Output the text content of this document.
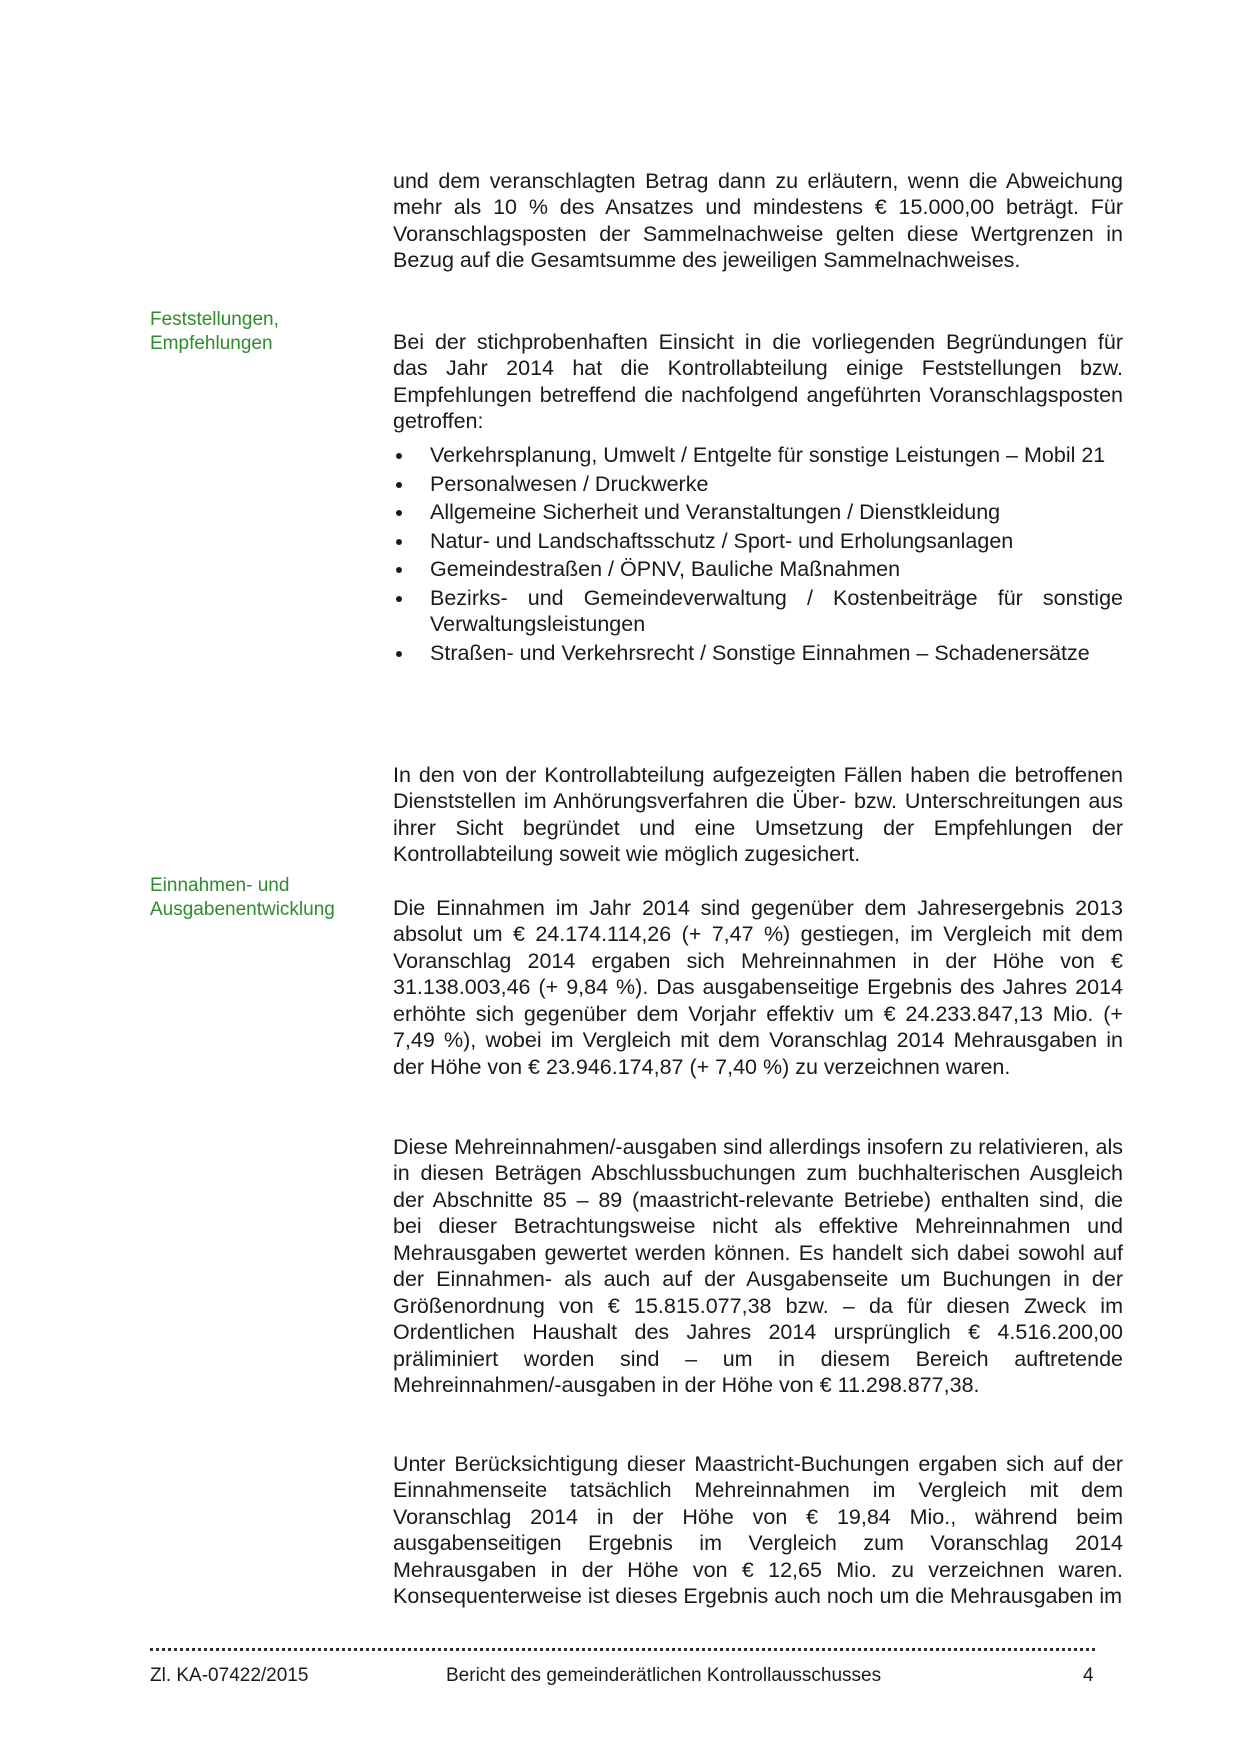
und dem veranschlagten Betrag dann zu erläutern, wenn die Abweichung mehr als 10 % des Ansatzes und mindestens € 15.000,00 beträgt. Für Voranschlagsposten der Sammelnachweise gelten diese Wertgrenzen in Bezug auf die Gesamtsumme des jeweiligen Sammelnachweises.

Feststellungen,
Empfehlungen	Bei der stichprobenhaften Einsicht in die vorliegenden Begründungen für das Jahr 2014 hat die Kontrollabteilung einige Feststellungen bzw. Empfehlungen betreffend die nachfolgend angeführten Voranschlagsposten getroffen:

Verkehrsplanung, Umwelt / Entgelte für sonstige Leistungen – Mobil 21
Personalwesen / Druckwerke
Allgemeine Sicherheit und Veranstaltungen / Dienstkleidung
Natur- und Landschaftsschutz / Sport- und Erholungsanlagen
Gemeindestraßen / ÖPNV, Bauliche Maßnahmen
Bezirks- und Gemeindeverwaltung / Kostenbeiträge für sonstige Verwaltungsleistungen
Straßen- und Verkehrsrecht / Sonstige Einnahmen – Schadenersätze

In den von der Kontrollabteilung aufgezeigten Fällen haben die betroffenen Dienststellen im Anhörungsverfahren die Über- bzw. Unterschreitungen aus ihrer Sicht begründet und eine Umsetzung der Empfehlungen der Kontrollabteilung soweit wie möglich zugesichert.

Einnahmen- und
Ausgabenentwicklung	Die Einnahmen im Jahr 2014 sind gegenüber dem Jahresergebnis 2013 absolut um € 24.174.114,26 (+ 7,47 %) gestiegen, im Vergleich mit dem Voranschlag 2014 ergaben sich Mehreinnahmen in der Höhe von € 31.138.003,46 (+ 9,84 %). Das ausgabenseitige Ergebnis des Jahres 2014 erhöhte sich gegenüber dem Vorjahr effektiv um € 24.233.847,13 Mio. (+ 7,49 %), wobei im Vergleich mit dem Voranschlag 2014 Mehrausgaben in der Höhe von € 23.946.174,87 (+ 7,40 %) zu verzeichnen waren.

Diese Mehreinnahmen/-ausgaben sind allerdings insofern zu relativieren, als in diesen Beträgen Abschlussbuchungen zum buchhalterischen Ausgleich der Abschnitte 85 – 89 (maastricht-relevante Betriebe) enthalten sind, die bei dieser Betrachtungsweise nicht als effektive Mehreinnahmen und Mehrausgaben gewertet werden können. Es handelt sich dabei sowohl auf der Einnahmen- als auch auf der Ausgabenseite um Buchungen in der Größenordnung von € 15.815.077,38 bzw. – da für diesen Zweck im Ordentlichen Haushalt des Jahres 2014 ursprünglich € 4.516.200,00 präliminiert worden sind – um in diesem Bereich auftretende Mehreinnahmen/-ausgaben in der Höhe von € 11.298.877,38.

Unter Berücksichtigung dieser Maastricht-Buchungen ergaben sich auf der Einnahmenseite tatsächlich Mehreinnahmen im Vergleich mit dem Voranschlag 2014 in der Höhe von € 19,84 Mio., während beim ausgabenseitigen Ergebnis im Vergleich zum Voranschlag 2014 Mehrausgaben in der Höhe von € 12,65 Mio. zu verzeichnen waren. Konsequenterweise ist dieses Ergebnis auch noch um die Mehrausgaben im

Zl. KA-07422/2015	Bericht des gemeinderätlichen Kontrollausschusses	4
